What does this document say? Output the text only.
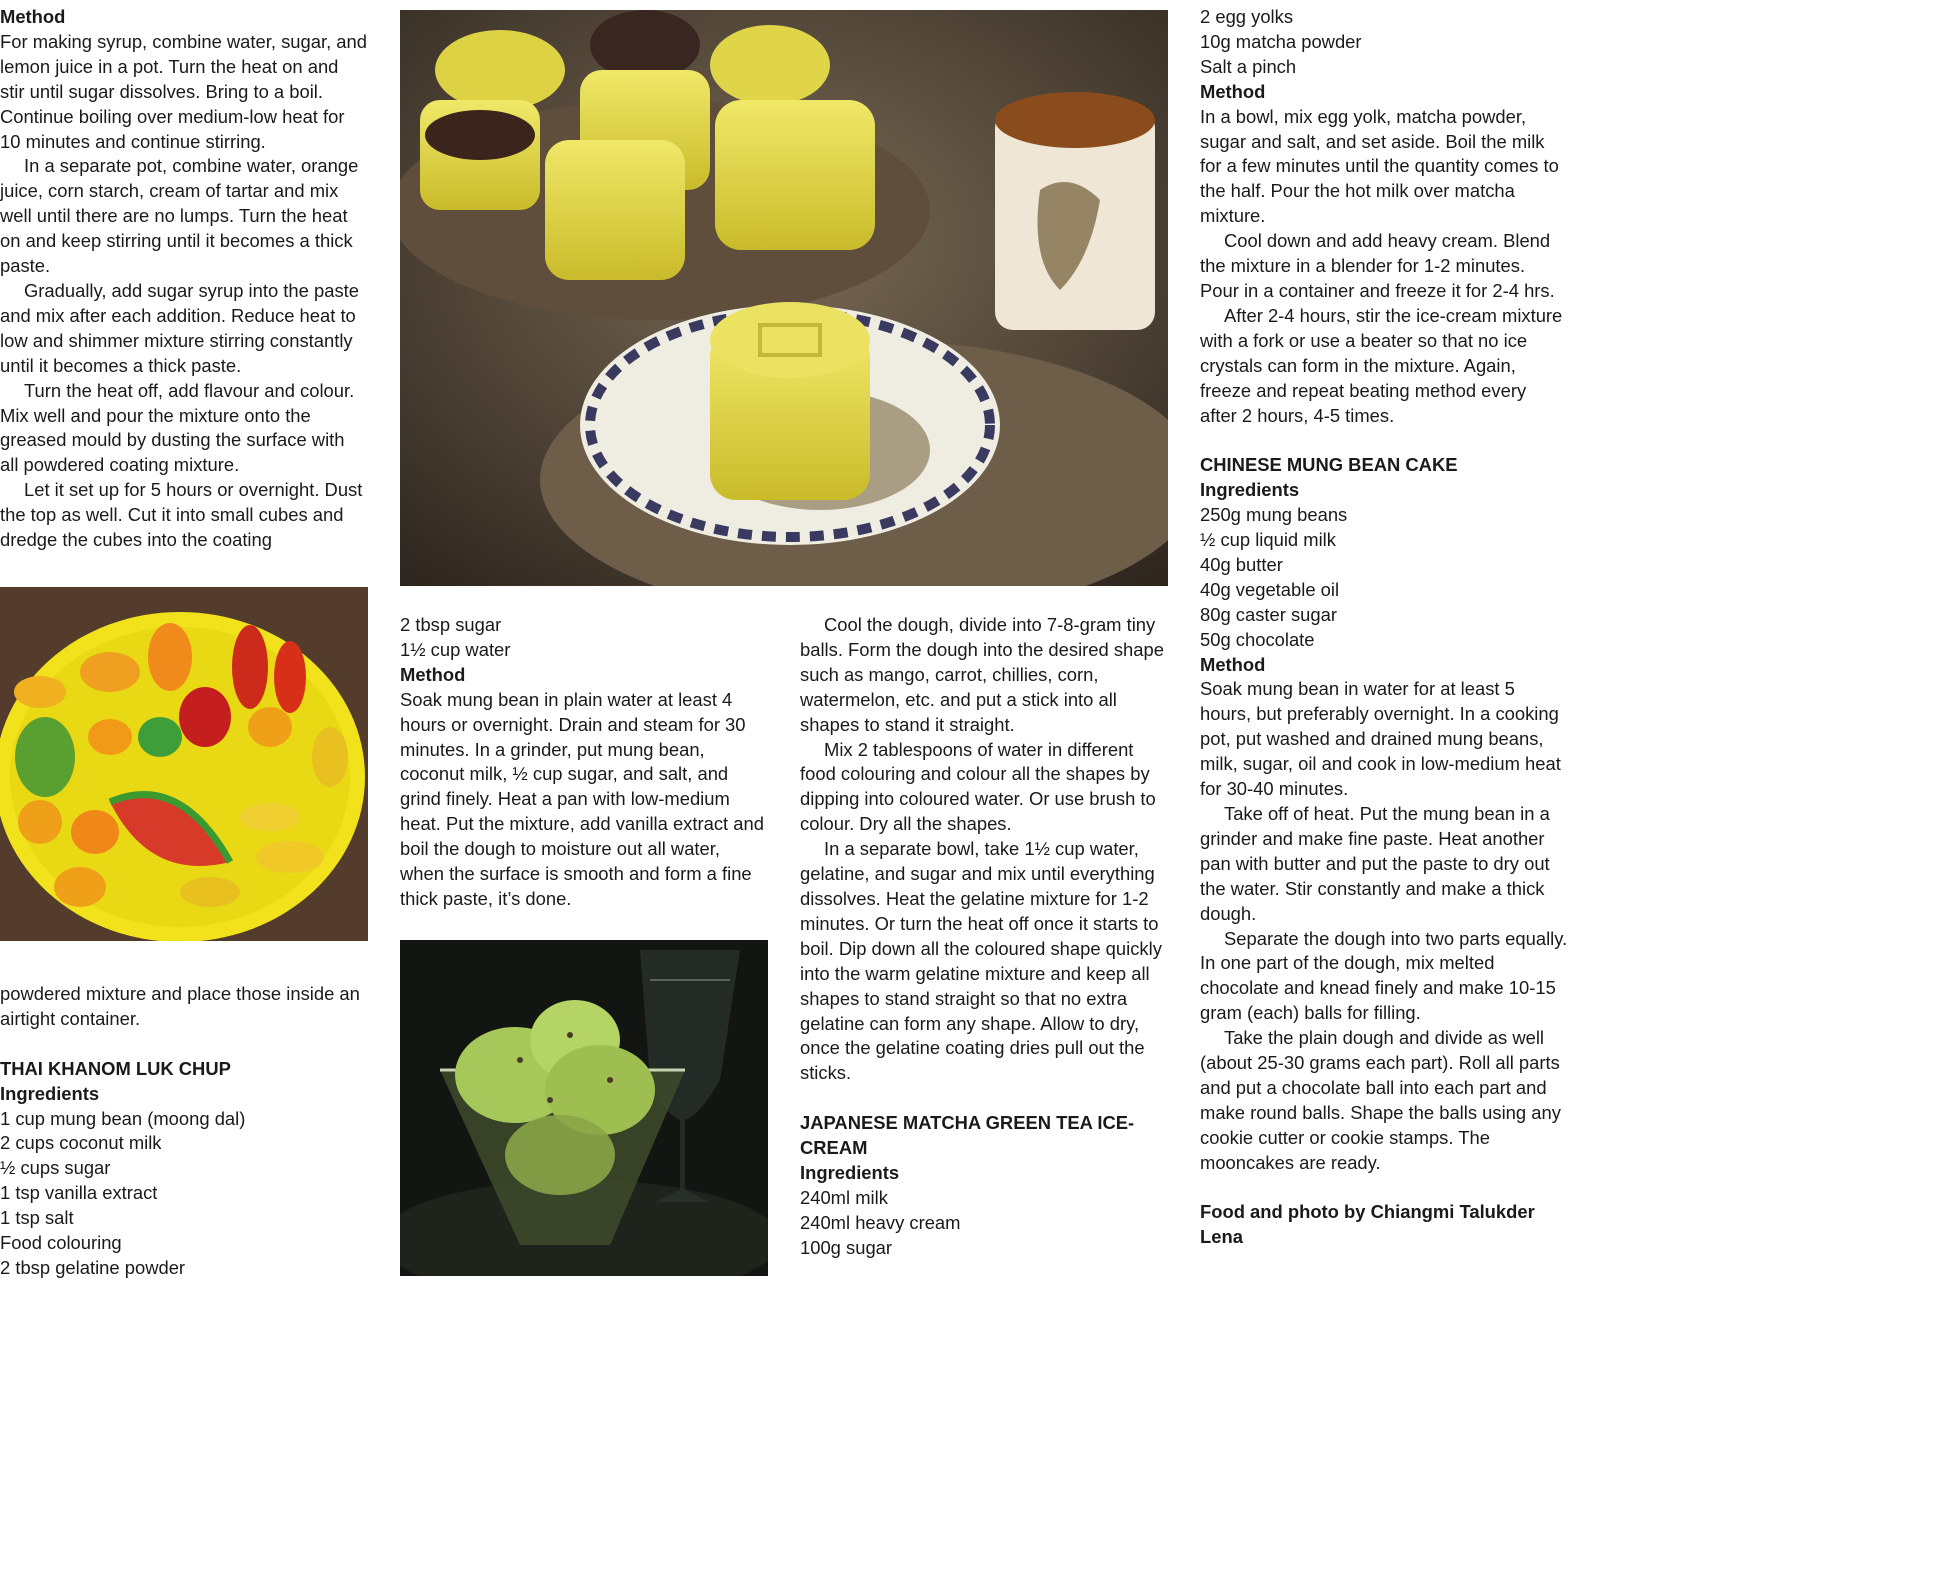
Method

For making syrup, combine water, sugar, and lemon juice in a pot. Turn the heat on and stir until sugar dissolves. Bring to a boil. Continue boiling over medium-low heat for 10 minutes and continue stirring.

In a separate pot, combine water, orange juice, corn starch, cream of tartar and mix well until there are no lumps. Turn the heat on and keep stirring until it becomes a thick paste.

Gradually, add sugar syrup into the paste and mix after each addition. Reduce heat to low and shimmer mixture stirring constantly until it becomes a thick paste.

Turn the heat off, add flavour and colour. Mix well and pour the mixture onto the greased mould by dusting the surface with all powdered coating mixture.

Let it set up for 5 hours or overnight. Dust the top as well. Cut it into small cubes and dredge the cubes into the coating

2 egg yolks

10g matcha powder

Salt a pinch

Method

In a bowl, mix egg yolk, matcha powder, sugar and salt, and set aside. Boil the milk for a few minutes until the quantity comes to the half. Pour the hot milk over matcha mixture.

Cool down and add heavy cream. Blend the mixture in a blender for 1-2 minutes. Pour in a container and freeze it for 2-4 hrs.

After 2-4 hours, stir the ice-cream mixture with a fork or use a beater so that no ice crystals can form in the mixture. Again, freeze and repeat beating method every after 2 hours, 4-5 times.

CHINESE MUNG BEAN CAKE

Ingredients

250g mung beans

½ cup liquid milk

40g butter

40g vegetable oil

80g caster sugar

50g chocolate

Method

Soak mung bean in water for at least 5 hours, but preferably overnight. In a cooking pot, put washed and drained mung beans, milk, sugar, oil and cook in low-medium heat for 30-40 minutes.

Take off of heat. Put the mung bean in a grinder and make fine paste. Heat another pan with butter and put the paste to dry out the water. Stir constantly and make a thick dough.

Separate the dough into two parts equally. In one part of the dough, mix melted chocolate and knead finely and make 10-15 gram (each) balls for filling.

Take the plain dough and divide as well (about 25-30 grams each part). Roll all parts and put a chocolate ball into each part and make round balls. Shape the balls using any cookie cutter or cookie stamps. The mooncakes are ready.

Food and photo by Chiangmi Talukder Lena

2 tbsp sugar

1½ cup water

Method

Soak mung bean in plain water at least 4 hours or overnight. Drain and steam for 30 minutes. In a grinder, put mung bean, coconut milk, ½ cup sugar, and salt, and grind finely. Heat a pan with low-medium heat. Put the mixture, add vanilla extract and boil the dough to moisture out all water, when the surface is smooth and form a fine thick paste, it’s done.

Cool the dough, divide into 7-8-gram tiny balls. Form the dough into the desired shape such as mango, carrot, chillies, corn, watermelon, etc. and put a stick into all shapes to stand it straight.

Mix 2 tablespoons of water in different food colouring and colour all the shapes by dipping into coloured water. Or use brush to colour. Dry all the shapes.

In a separate bowl, take 1½ cup water, gelatine, and sugar and mix until everything dissolves. Heat the gelatine mixture for 1-2 minutes. Or turn the heat off once it starts to boil. Dip down all the coloured shape quickly into the warm gelatine mixture and keep all shapes to stand straight so that no extra gelatine can form any shape. Allow to dry, once the gelatine coating dries pull out the sticks.

JAPANESE MATCHA GREEN TEA ICE-CREAM

Ingredients

240ml milk

240ml heavy cream

100g sugar

powdered mixture and place those inside an airtight container.

THAI KHANOM LUK CHUP

Ingredients

1 cup mung bean (moong dal)

2 cups coconut milk

½ cups sugar

1 tsp vanilla extract

1 tsp salt

Food colouring

2 tbsp gelatine powder
